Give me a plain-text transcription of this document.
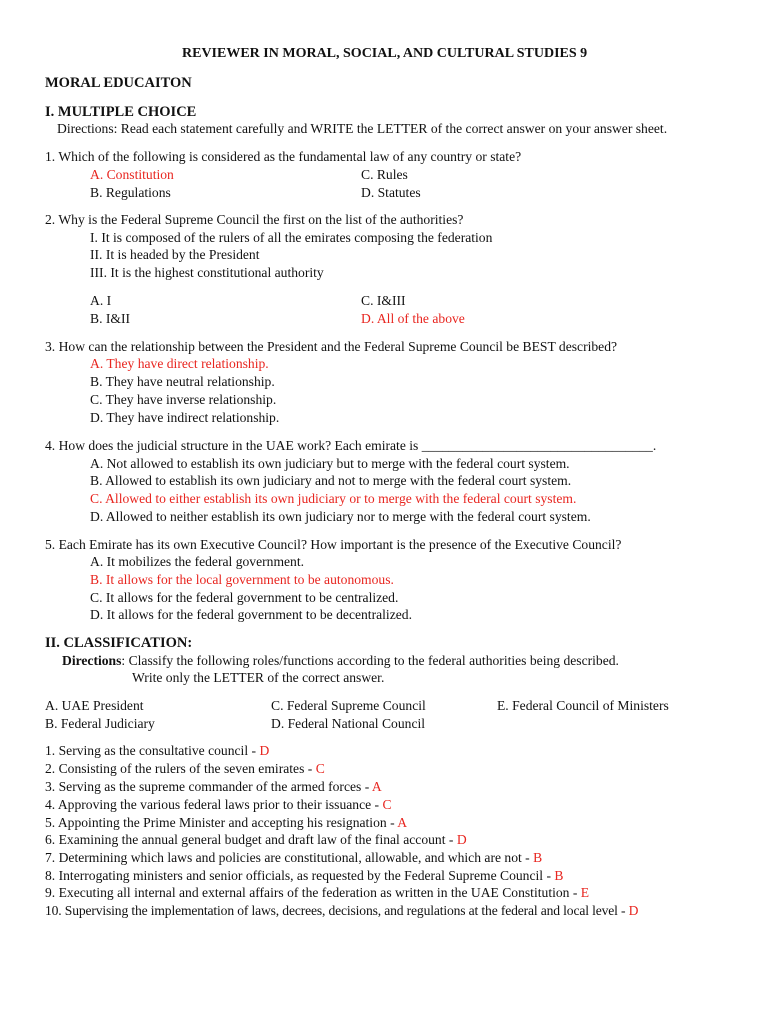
REVIEWER IN MORAL, SOCIAL, AND CULTURAL STUDIES 9
MORAL EDUCAITON
I. MULTIPLE CHOICE
Directions: Read each statement carefully and WRITE the LETTER of the correct answer on your answer sheet.
1. Which of the following is considered as the fundamental law of any country or state?
A. Constitution	C. Rules
B. Regulations	D. Statutes
2. Why is the Federal Supreme Council the first on the list of the authorities?
I. It is composed of the rulers of all the emirates composing the federation
II. It is headed by the President
III. It is the highest constitutional authority
A. I	C. I&III
B. I&II	D. All of the above
3. How can the relationship between the President and the Federal Supreme Council be BEST described?
A. They have direct relationship.
B. They have neutral relationship.
C. They have inverse relationship.
D. They have indirect relationship.
4. How does the judicial structure in the UAE work? Each emirate is __________________________________.
A. Not allowed to establish its own judiciary but to merge with the federal court system.
B. Allowed to establish its own judiciary and not to merge with the federal court system.
C. Allowed to either establish its own judiciary or to merge with the federal court system.
D. Allowed to neither establish its own judiciary nor to merge with the federal court system.
5. Each Emirate has its own Executive Council? How important is the presence of the Executive Council?
A. It mobilizes the federal government.
B. It allows for the local government to be autonomous.
C. It allows for the federal government to be centralized.
D. It allows for the federal government to be decentralized.
II. CLASSIFICATION:
Directions: Classify the following roles/functions according to the federal authorities being described.
Write only the LETTER of the correct answer.
A. UAE President	C. Federal Supreme Council	E. Federal Council of Ministers
B. Federal Judiciary	D. Federal National Council
1. Serving as the consultative council - D
2. Consisting of the rulers of the seven emirates - C
3. Serving as the supreme commander of the armed forces - A
4. Approving the various federal laws prior to their issuance - C
5. Appointing the Prime Minister and accepting his resignation - A
6. Examining the annual general budget and draft law of the final account - D
7. Determining which laws and policies are constitutional, allowable, and which are not - B
8. Interrogating ministers and senior officials, as requested by the Federal Supreme Council - B
9. Executing all internal and external affairs of the federation as written in the UAE Constitution - E
10. Supervising the implementation of laws, decrees, decisions, and regulations at the federal and local level - D
